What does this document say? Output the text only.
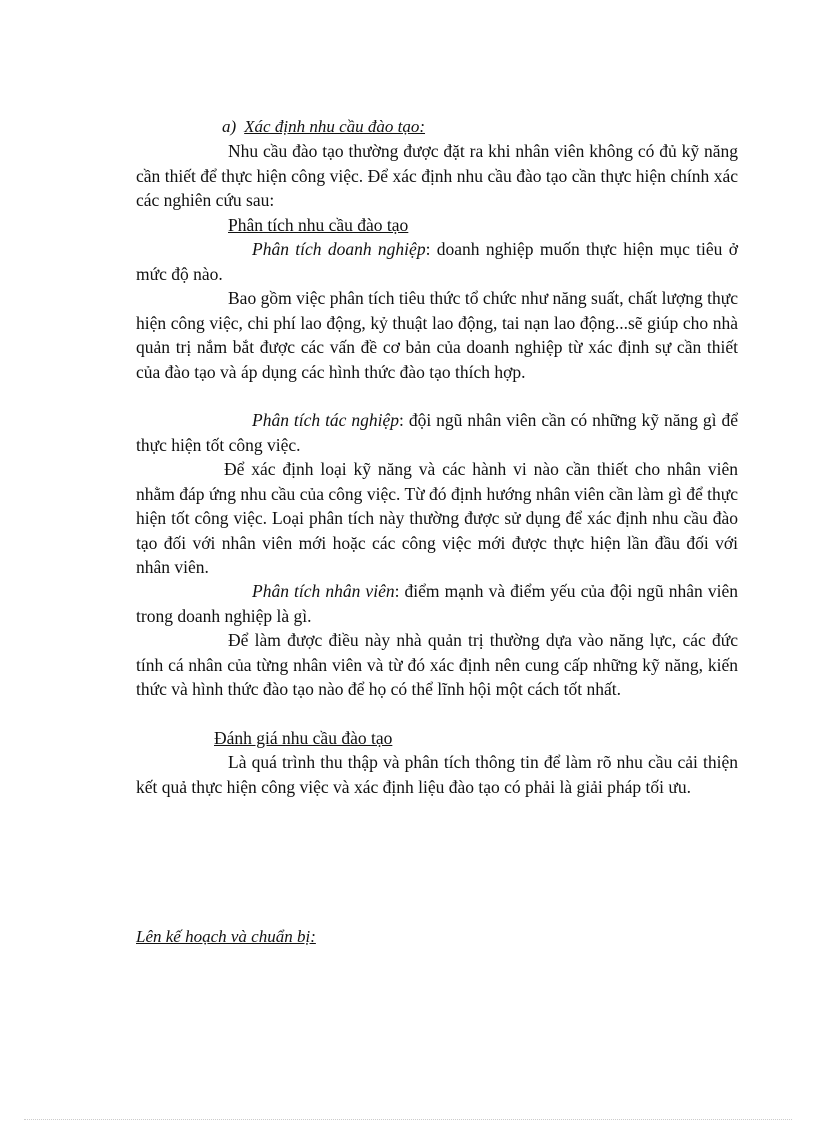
a) Xác định nhu cầu đào tạo:
Nhu cầu đào tạo thường được đặt ra khi nhân viên không có đủ kỹ năng cần thiết để thực hiện công việc. Để xác định nhu cầu đào tạo cần thực hiện chính xác các nghiên cứu sau:
Phân tích nhu cầu đào tạo
Phân tích doanh nghiệp: doanh nghiệp muốn thực hiện mục tiêu ở mức độ nào.
Bao gồm việc phân tích tiêu thức tổ chức như năng suất, chất lượng thực hiện công việc, chi phí lao động, kỷ thuật lao động, tai nạn lao động...sẽ giúp cho nhà quản trị nắm bắt được các vấn đề cơ bản của doanh nghiệp từ xác định sự cần thiết của đào tạo và áp dụng các hình thức đào tạo thích hợp.
Phân tích tác nghiệp: đội ngũ nhân viên cần có những kỹ năng gì để thực hiện tốt công việc.
Để xác định loại kỹ năng và các hành vi nào cần thiết cho nhân viên nhằm đáp ứng nhu cầu của công việc. Từ đó định hướng nhân viên cần làm gì để thực hiện tốt công việc. Loại phân tích này thường được sử dụng để xác định nhu cầu đào tạo đối với nhân viên mới hoặc các công việc mới được thực hiện lần đầu đối với nhân viên.
Phân tích nhân viên: điểm mạnh và điểm yếu của đội ngũ nhân viên trong doanh nghiệp là gì.
Để làm được điều này nhà quản trị thường dựa vào năng lực, các đức tính cá nhân của từng nhân viên và từ đó xác định nên cung cấp những kỹ năng, kiến thức và hình thức đào tạo nào để họ có thể lĩnh hội một cách tốt nhất.
Đánh giá nhu cầu đào tạo
Là quá trình thu thập và phân tích thông tin để làm rõ nhu cầu cải thiện kết quả thực hiện công việc và xác định liệu đào tạo có phải là giải pháp tối ưu.
Lên kế hoạch và chuẩn bị:
